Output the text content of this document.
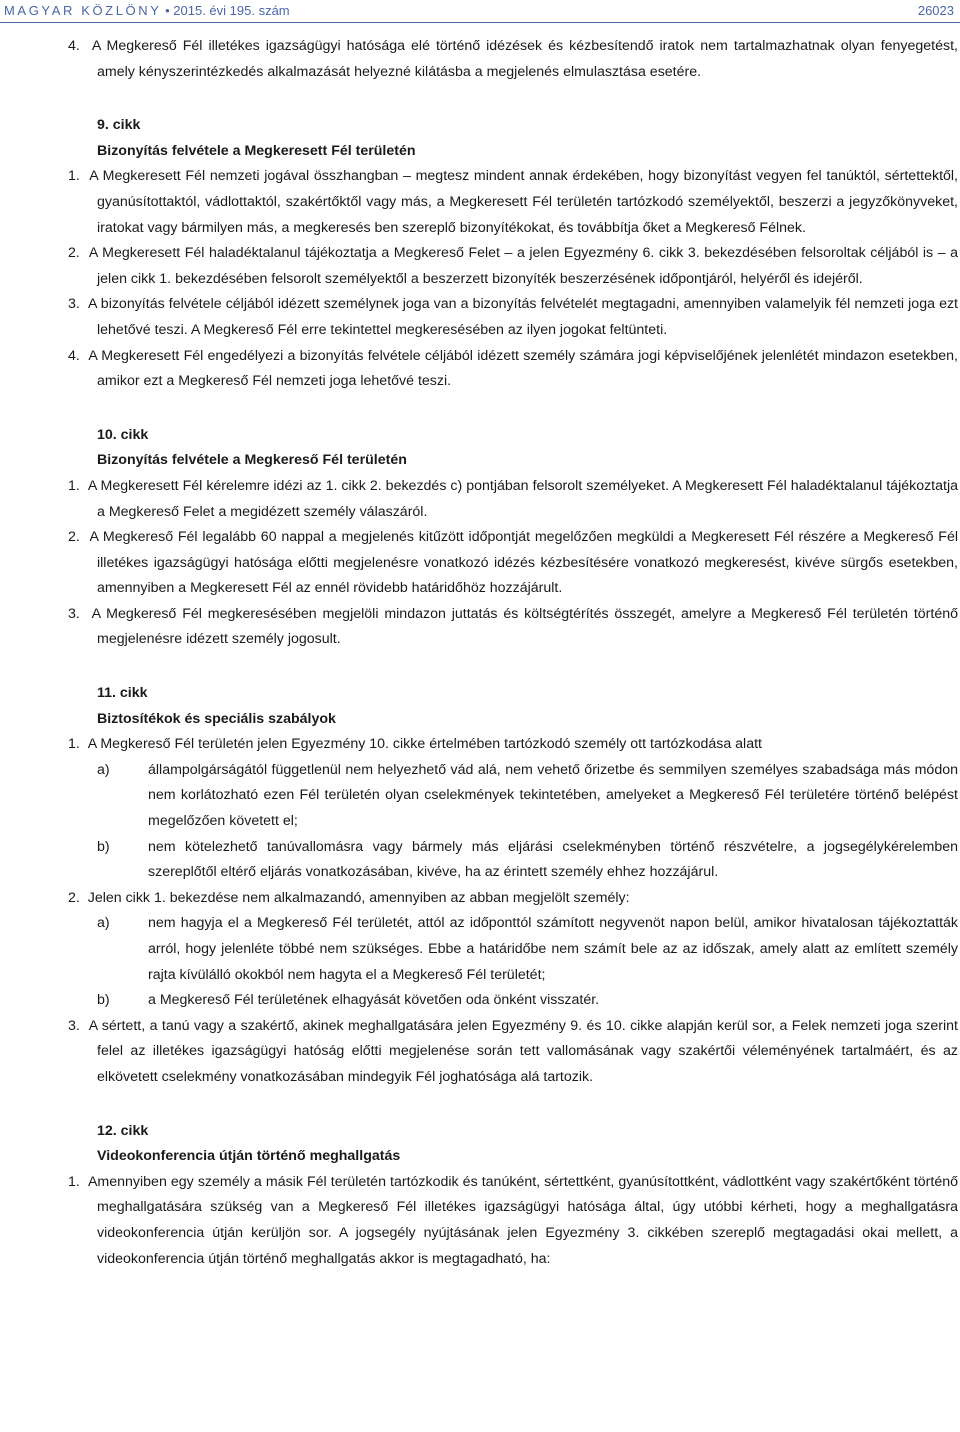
MAGYAR KÖZLÖNY • 2015. évi 195. szám	26023

4. A Megkereső Fél illetékes igazságügyi hatósága elé történő idézések és kézbesítendő iratok nem tartalmazhatnak olyan fenyegetést, amely kényszerintézkedés alkalmazását helyezné kilátásba a megjelenés elmulasztása esetére.

9. cikk
Bizonyítás felvétele a Megkeresett Fél területén

1. A Megkeresett Fél nemzeti jogával összhangban ‒ megtesz mindent annak érdekében, hogy bizonyítást vegyen fel tanúktól, sértettektől, gyanúsítottaktól, vádlottaktól, szakértőktől vagy más, a Megkeresett Fél területén tartózkodó személyektől, beszerzi a jegyzőkönyveket, iratokat vagy bármilyen más, a megkeresés ben szereplő bizonyítékokat, és továbbítja őket a Megkereső Félnek.

2. A Megkeresett Fél haladéktalanul tájékoztatja a Megkereső Felet ‒ a jelen Egyezmény 6. cikk 3. bekezdésében felsoroltak céljából is ‒ a jelen cikk 1. bekezdésében felsorolt személyektől a beszerzett bizonyíték beszerzésének időpontjáról, helyéről és idejéről.

3. A bizonyítás felvétele céljából idézett személynek joga van a bizonyítás felvételét megtagadni, amennyiben valamelyik fél nemzeti joga ezt lehetővé teszi. A Megkereső Fél erre tekintettel megkeresésében az ilyen jogokat feltünteti.

4. A Megkeresett Fél engedélyezi a bizonyítás felvétele céljából idézett személy számára jogi képviselőjének jelenlétét mindazon esetekben, amikor ezt a Megkereső Fél nemzeti joga lehetővé teszi.

10. cikk
Bizonyítás felvétele a Megkereső Fél területén

1. A Megkeresett Fél kérelemre idézi az 1. cikk 2. bekezdés c) pontjában felsorolt személyeket. A Megkeresett Fél haladéktalanul tájékoztatja a Megkereső Felet a megidézett személy válaszáról.

2. A Megkereső Fél legalább 60 nappal a megjelenés kitűzött időpontját megelőzően megküldi a Megkeresett Fél részére a Megkereső Fél illetékes igazságügyi hatósága előtti megjelenésre vonatkozó idézés kézbesítésére vonatkozó megkeresést, kivéve sürgős esetekben, amennyiben a Megkeresett Fél az ennél rövidebb határidőhöz hozzájárult.

3. A Megkereső Fél megkeresésében megjelöli mindazon juttatás és költségtérítés összegét, amelyre a Megkereső Fél területén történő megjelenésre idézett személy jogosult.

11. cikk
Biztosítékok és speciális szabályok

1. A Megkereső Fél területén jelen Egyezmény 10. cikke értelmében tartózkodó személy ott tartózkodása alatt

a)	állampolgárságától függetlenül nem helyezhető vád alá, nem vehető őrizetbe és semmilyen személyes szabadsága más módon nem korlátozható ezen Fél területén olyan cselekmények tekintetében, amelyeket a Megkereső Fél területére történő belépést megelőzően követett el;

b)	nem kötelezhető tanúvallomásra vagy bármely más eljárási cselekményben történő részvételre, a jogsegélykérelemben szereplőtől eltérő eljárás vonatkozásában, kivéve, ha az érintett személy ehhez hozzájárul.

2. Jelen cikk 1. bekezdése nem alkalmazandó, amennyiben az abban megjelölt személy:

a)	nem hagyja el a Megkereső Fél területét, attól az időponttól számított negyvenöt napon belül, amikor hivatalosan tájékoztatták arról, hogy jelenléte többé nem szükséges. Ebbe a határidőbe nem számít bele az az időszak, amely alatt az említett személy rajta kívülálló okokból nem hagyta el a Megkereső Fél területét;

b)	a Megkereső Fél területének elhagyását követően oda önként visszatér.

3. A sértett, a tanú vagy a szakértő, akinek meghallgatására jelen Egyezmény 9. és 10. cikke alapján kerül sor, a Felek nemzeti joga szerint felel az illetékes igazságügyi hatóság előtti megjelenése során tett vallomásának vagy szakértői véleményének tartalmáért, és az elkövetett cselekmény vonatkozásában mindegyik Fél joghatósága alá tartozik.

12. cikk
Videokonferencia útján történő meghallgatás

1. Amennyiben egy személy a másik Fél területén tartózkodik és tanúként, sértettként, gyanúsítottként, vádlottként vagy szakértőként történő meghallgatására szükség van a Megkereső Fél illetékes igazságügyi hatósága által, úgy utóbbi kérheti, hogy a meghallgatásra videokonferencia útján kerüljön sor. A jogsegély nyújtásának jelen Egyezmény 3. cikkében szereplő megtagadási okai mellett, a videokonferencia útján történő meghallgatás akkor is megtagadható, ha:
